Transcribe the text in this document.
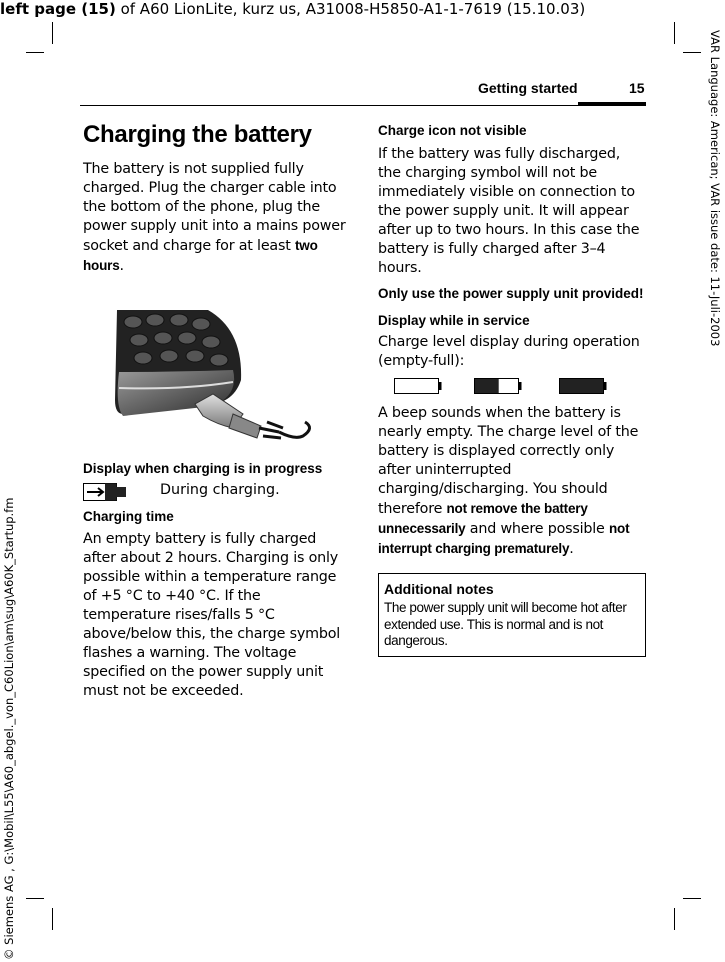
left page (15) of A60 LionLite, kurz us, A31008-H5850-A1-1-7619 (15.10.03)
VAR Language: American; VAR issue date: 11-Juli-2003
© Siemens AG , G:\Mobil\L55\A60_abgel._von_C60Lion\am\sug\A60K_Startup.fm
Getting started	15
Charging the battery

The battery is not supplied fully charged. Plug the charger cable into the bottom of the phone, plug the power supply unit into a mains power socket and charge for at least two hours.

Display when charging is in progress
During charging.
Charging time

An empty battery is fully charged after about 2 hours. Charging is only possible within a temperature range of +5 °C to +40 °C. If the temperature rises/falls 5 °C above/below this, the charge symbol flashes a warning. The voltage specified on the power supply unit must not be exceeded.

Charge icon not visible

If the battery was fully discharged, the charging symbol will not be immediately visible on connection to the power supply unit. It will appear after up to two hours. In this case the battery is fully charged after 3–4 hours.

Only use the power supply unit provided!
Display while in service

Charge level display during operation (empty-full):

A beep sounds when the battery is nearly empty. The charge level of the battery is displayed correctly only after uninterrupted charging/discharging. You should therefore not remove the battery unnecessarily and where possible not interrupt charging prematurely.

Additional notes
The power supply unit will become hot after extended use. This is normal and is not dangerous.
